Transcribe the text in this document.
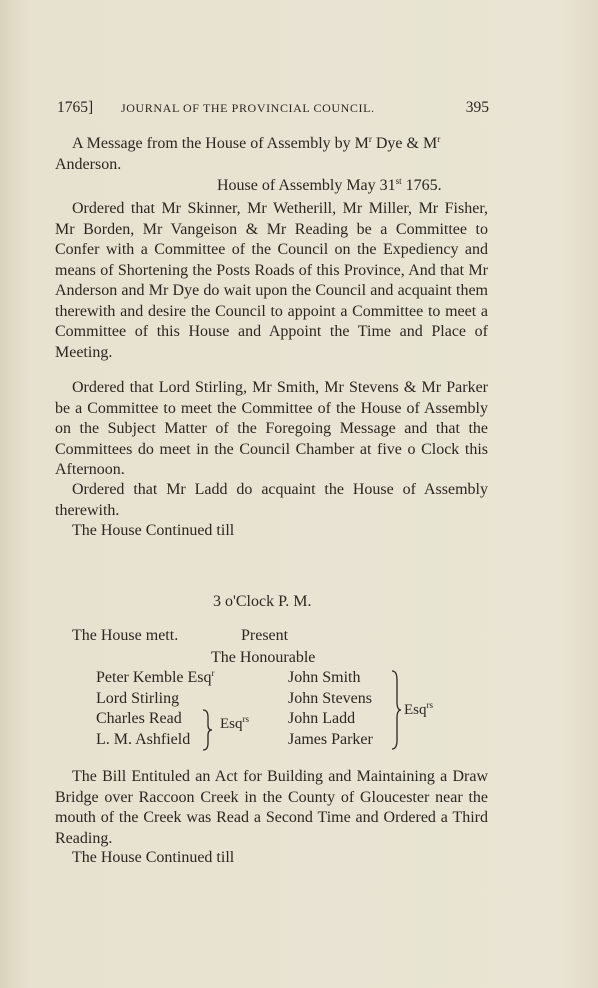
1765] JOURNAL OF THE PROVINCIAL COUNCIL.	395
A Message from the House of Assembly by $M^r$ Dye & $M^r$
Anderson.
House of Assembly May 31st 1765.

Ordered that Mr Skinner, Mr Wetherill, Mr Miller, Mr Fisher, Mr Borden, Mr Vangeison & Mr Reading be a Committee to Confer with a Committee of the Council on the Expediency and means of Shortening the Posts Roads of this Province, And that Mr Anderson and Mr Dye do wait upon the Council and acquaint them therewith and desire the Council to appoint a Committee to meet a Committee of this House and Appoint the Time and Place of Meeting.

Ordered that Lord Stirling, Mr Smith, Mr Stevens & Mr Parker be a Committee to meet the Committee of the House of Assembly on the Subject Matter of the Foregoing Message and that the Committees do meet in the Council Chamber at five o Clock this Afternoon.

Ordered that Mr Ladd do acquaint the House of Assembly therewith.

The House Continued till
3 o'Clock P. M.
The House mett.	Present
The Honourable
Peter Kemble Esq$^r$
Lord Stirling
Charles Read
L. M. Ashfield
Esq$^{rs}$
John Smith
John Stevens
John Ladd
James Parker
Esq$^{rs}$

The Bill Entituled an Act for Building and Maintaining a Draw Bridge over Raccoon Creek in the County of Gloucester near the mouth of the Creek was Read a Second Time and Ordered a Third Reading.

The House Continued till
